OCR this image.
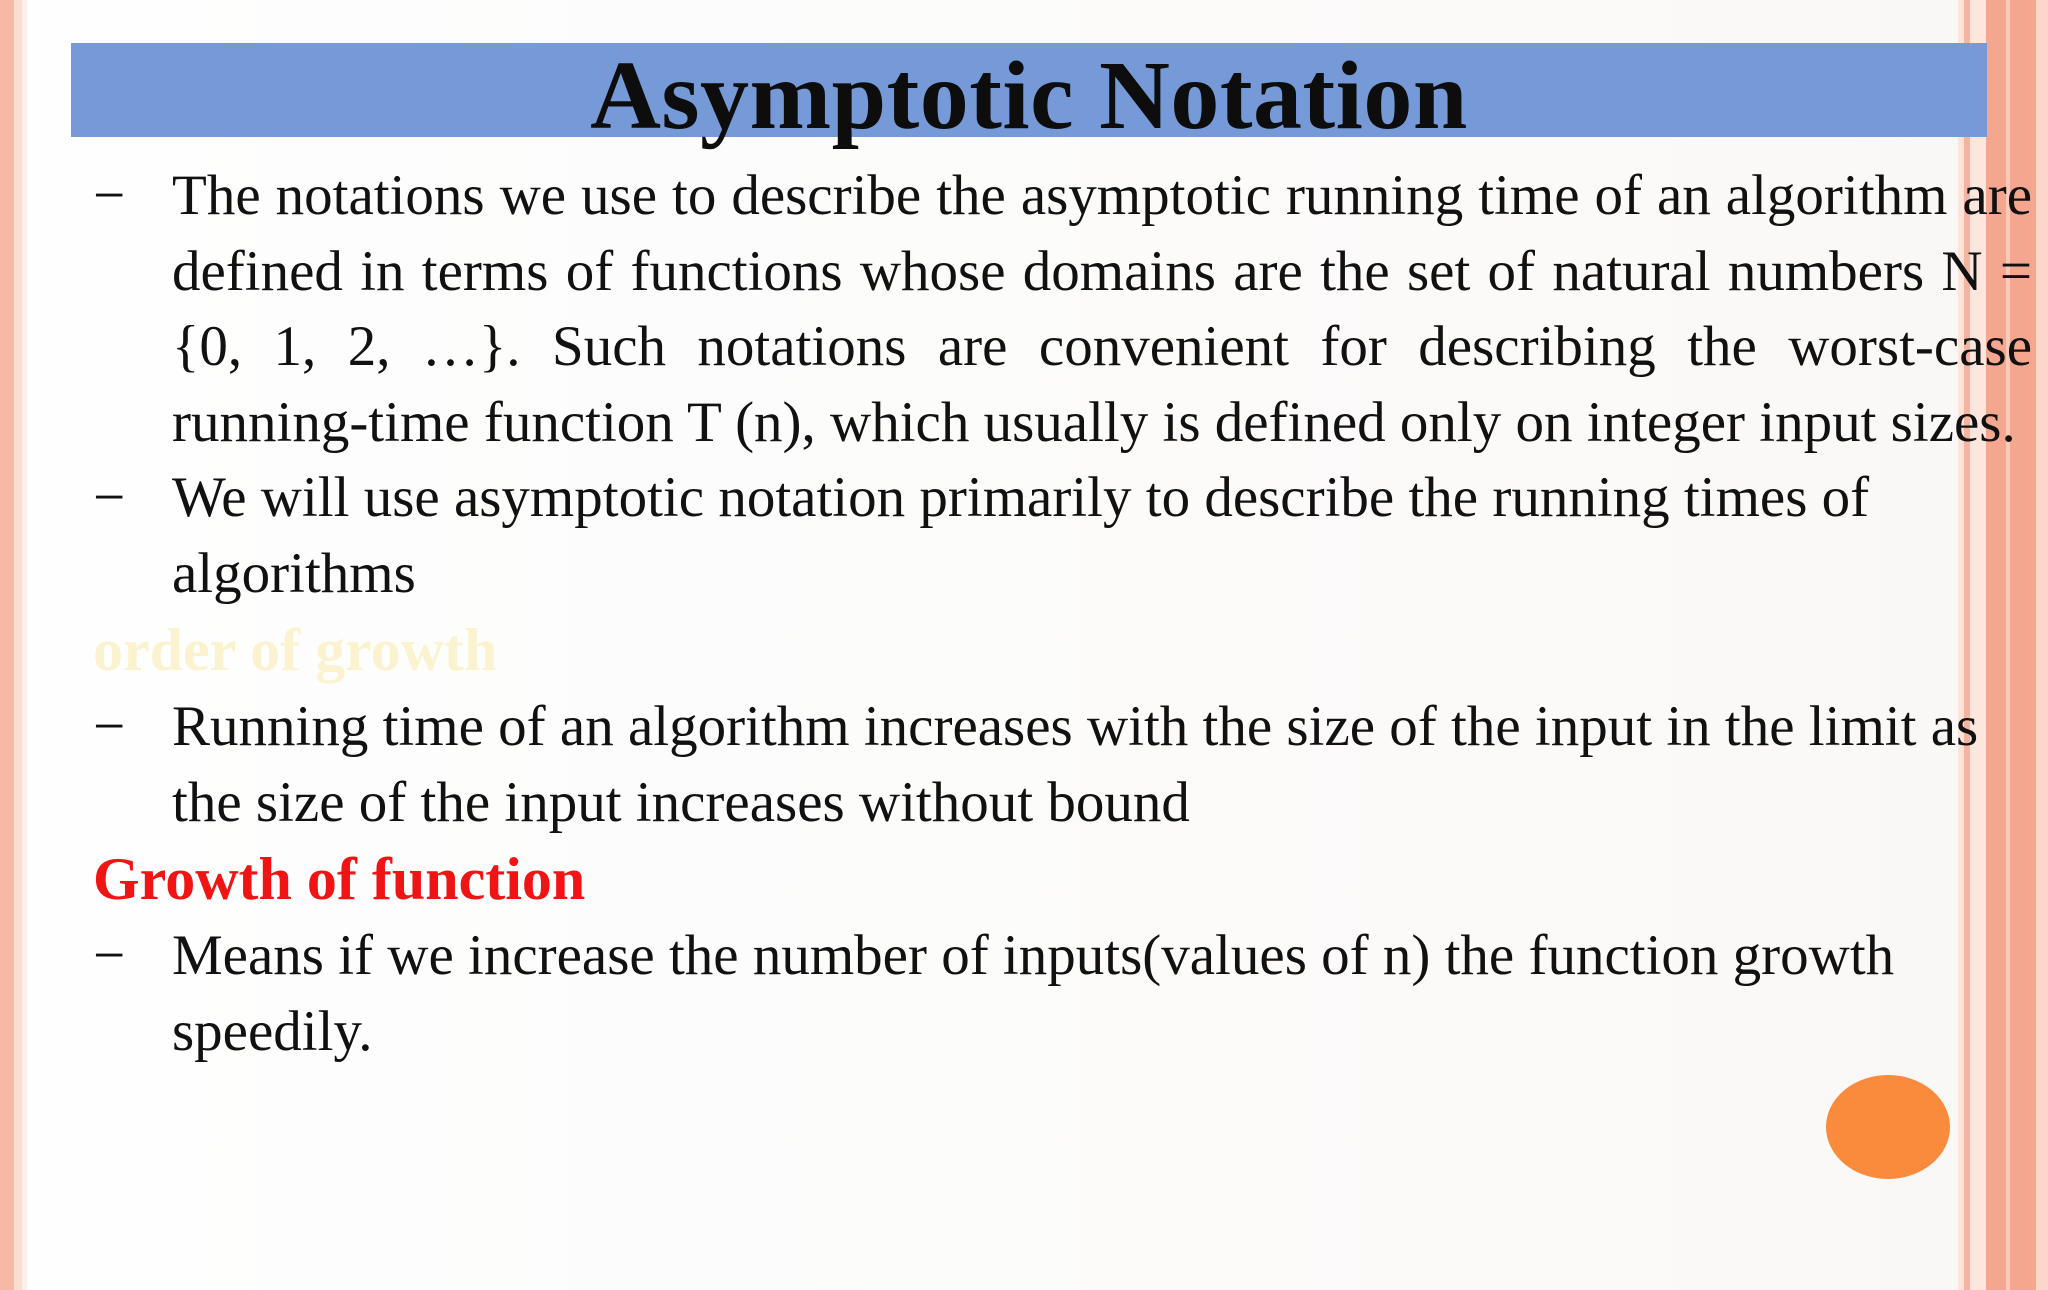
Asymptotic Notation
− The notations we use to describe the asymptotic running time of an algorithm are defined in terms of functions whose domains are the set of natural numbers N = {0, 1, 2, …}. Such notations are convenient for describing the worst-case running-time function T (n), which usually is defined only on integer input sizes.
− We will use asymptotic notation primarily to describe the running times of algorithms

order of growth

− Running time of an algorithm increases with the size of the input in the limit as the size of the input increases without bound

Growth of function

− Means if we increase the number of inputs(values of n) the function growth speedily.
